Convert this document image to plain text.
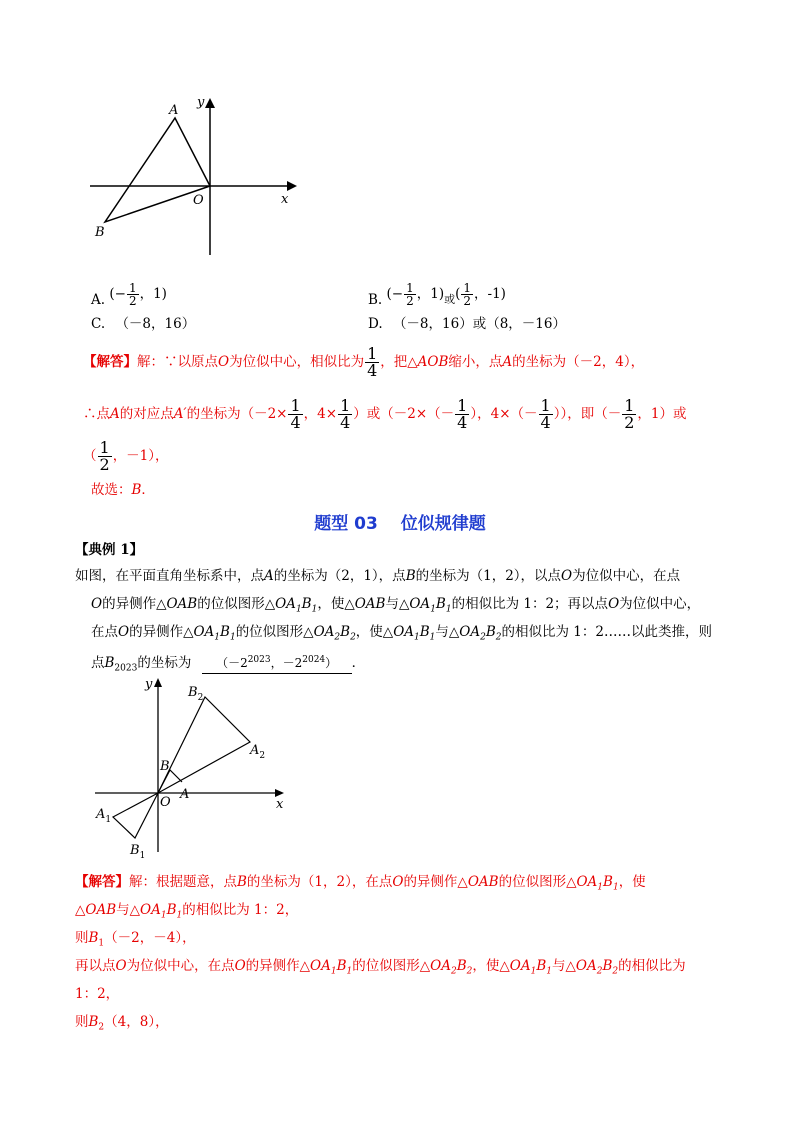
A
y
O	x
B
A. (− $\frac{1}{2}$ ，1)	B. (− $\frac{1}{2}$ ，$1)_或( \frac{1}{2}$ ，-1)
C. （－8，16）	D. （－8，16）或（8，－16）
【解答】解：∵以原点O为位似中心，相似比为 $\frac{1}{4}$ ，把△AOB缩小，点A的坐标为（－2，4），
∴点A的对应点A′的坐标为（$-2\times \frac{1}{4}$ ，$4\times \frac{1}{4}$ ）或（$-2\times(- \frac{1}{4}$ ），$4\times(- \frac{1}{4}$ ）），即（－ $\frac{1}{2}$ ，1）或
（ $\frac{1}{2}$ ，－1），
故选：B．
题型 03　 位似规律题
【典例 1】
如图，在平面直角坐标系中，点A的坐标为（2，1），点B的坐标为（1，2），以点O为位似中心，在点
O的异侧作△OAB的位似图形$\triangle OA_1B_1$，使△OAB与$\triangle OA_1B_1$的相似比为 1：2；再以点O为位似中心，
在点O的异侧作$\triangle OA_1B_1$的位似图形$\triangle OA_2B_2$，使$\triangle OA_1B_1$与$\triangle OA_2B_2$的相似比为 1：2……以此类推，则
点$B_{2023}$的坐标为 （$-2^{2023}$，$-2^{2024}$） ．
y
$B_2$
$A_2$
B
A
O	x
$A_1$
$B_1$
【解答】解：根据题意，点B的坐标为（1，2），在点O的异侧作△OAB的位似图形$\triangle OA_1B_1$，使
△OAB与$\triangle OA_1B_1$的相似比为 1：2，
则$B_1(-2$，－4），
再以点O为位似中心，在点O的异侧作$\triangle OA_1B_1$的位似图形$\triangle OA_2B_2$，使$\triangle OA_1B_1$与$\triangle OA_2B_2$的相似比为
1：2，
则$B_2(4$，8），
